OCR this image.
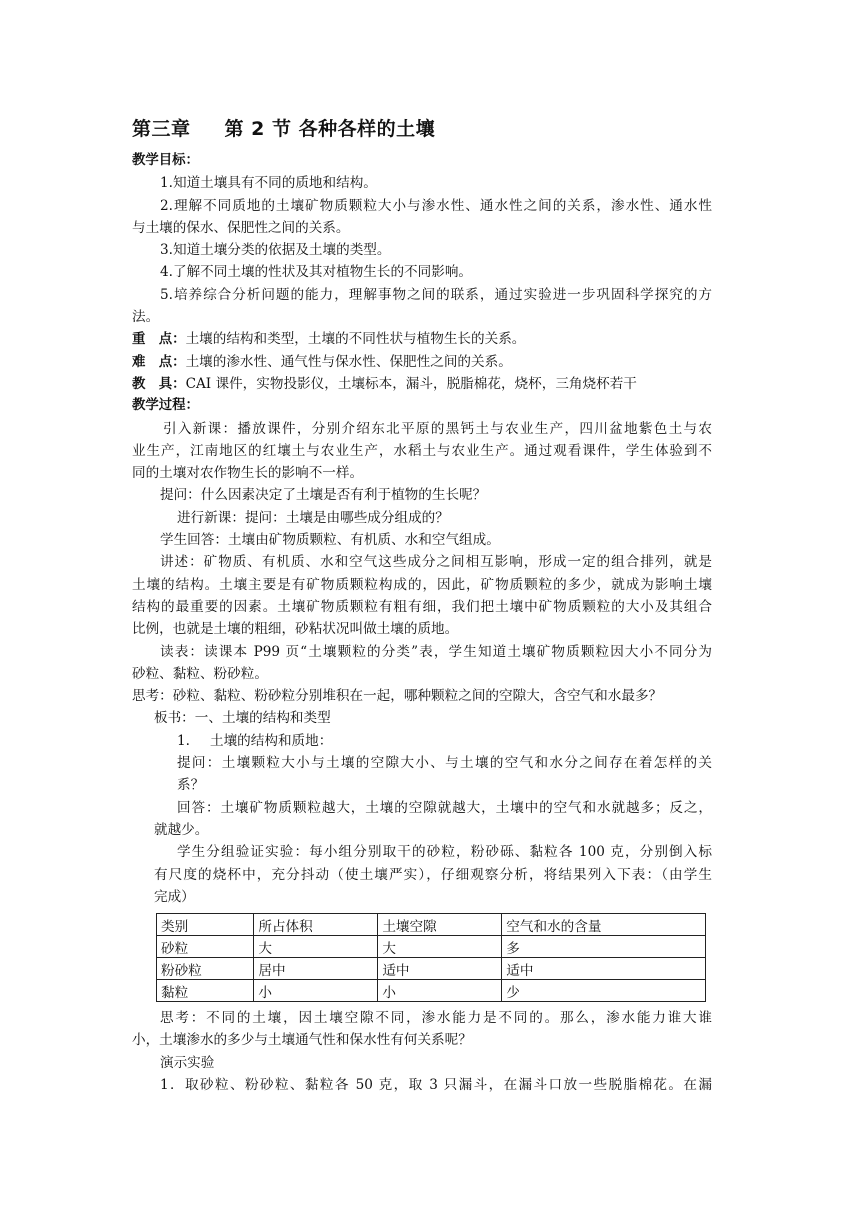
第三章 第 2 节 各种各样的土壤
教学目标：
1.知道土壤具有不同的质地和结构。
2.理解不同质地的土壤矿物质颗粒大小与渗水性、通水性之间的关系，渗水性、通水性
与土壤的保水、保肥性之间的关系。
3.知道土壤分类的依据及土壤的类型。
4.了解不同土壤的性状及其对植物生长的不同影响。
5.培养综合分析问题的能力，理解事物之间的联系，通过实验进一步巩固科学探究的方
法。
重　点：土壤的结构和类型，土壤的不同性状与植物生长的关系。
难　点：土壤的渗水性、通气性与保水性、保肥性之间的关系。
教　具：CAI 课件，实物投影仪，土壤标本，漏斗，脱脂棉花，烧杯，三角烧杯若干
教学过程：
引入新课：播放课件，分别介绍东北平原的黑钙土与农业生产，四川盆地紫色土与农
业生产，江南地区的红壤土与农业生产，水稻土与农业生产。通过观看课件，学生体验到不
同的土壤对农作物生长的影响不一样。
提问：什么因素决定了土壤是否有利于植物的生长呢？
进行新课：提问：土壤是由哪些成分组成的？
学生回答：土壤由矿物质颗粒、有机质、水和空气组成。
讲述：矿物质、有机质、水和空气这些成分之间相互影响，形成一定的组合排列，就是
土壤的结构。土壤主要是有矿物质颗粒构成的，因此，矿物质颗粒的多少，就成为影响土壤
结构的最重要的因素。土壤矿物质颗粒有粗有细，我们把土壤中矿物质颗粒的大小及其组合
比例，也就是土壤的粗细，砂粘状况叫做土壤的质地。
读表：读课本 P99 页“土壤颗粒的分类”表，学生知道土壤矿物质颗粒因大小不同分为
砂粒、黏粒、粉砂粒。
思考：砂粒、黏粒、粉砂粒分别堆积在一起，哪种颗粒之间的空隙大，含空气和水最多？
板书：一、土壤的结构和类型
1. 土壤的结构和质地：
提问：土壤颗粒大小与土壤的空隙大小、与土壤的空气和水分之间存在着怎样的关
系？
回答：土壤矿物质颗粒越大，土壤的空隙就越大，土壤中的空气和水就越多；反之，
就越少。
学生分组验证实验：每小组分别取干的砂粒，粉砂砾、黏粒各 100 克，分别倒入标
有尺度的烧杯中，充分抖动（使土壤严实），仔细观察分析，将结果列入下表：（由学生
完成）
类别	所占体积	土壤空隙	空气和水的含量
砂粒	大	大	多
粉砂粒	居中	适中	适中
黏粒	小	小	少
思考：不同的土壤，因土壤空隙不同，渗水能力是不同的。那么，渗水能力谁大谁
小，土壤渗水的多少与土壤通气性和保水性有何关系呢？
演示实验
1．取砂粒、粉砂粒、黏粒各 50 克，取 3 只漏斗，在漏斗口放一些脱脂棉花。在漏
